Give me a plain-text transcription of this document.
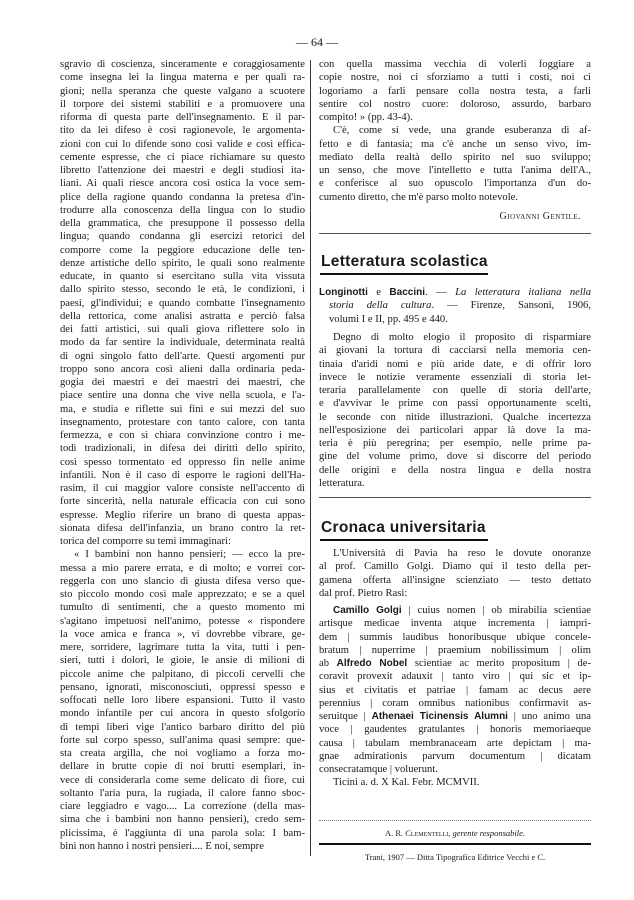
— 64 —
sgravio di coscienza, sinceramente e coraggiosamente
come insegna lei la lingua materna e per quali ra-
gioni; nella speranza che queste valgano a scuotere
il torpore dei sistemi stabiliti e a promuovere una
riforma di questa parte dell'insegnamento. E il par-
tito da lei difeso è così ragionevole, le argomenta-
zioni con cui lo difende sono così valide e così effica-
cemente espresse, che ci piace richiamare su questo
libretto l'attenzione dei maestri e degli studiosi ita-
liani. Ai quali riesce ancora così ostica la voce sem-
plice della ragione quando condanna la pretesa d'in-
trodurre alla conoscenza della lingua con lo studio
della grammatica, che presuppone il possesso della
lingua; quando condanna gli esercizi retorici del
comporre come la peggiore educazione delle ten-
denze artistiche dello spirito, le quali sono realmente
educate, in quanto si esercitano sulla vita vissuta
dallo spirito stesso, secondo le età, le condizioni, i
paesi, gl'individui; e quando combatte l'insegnamento
della rettorica, come analisi astratta e perciò falsa
dei fatti artistici, sui quali giova riflettere solo in
modo da far sentire la individuale, determinata realtà
di ogni singolo fatto dell'arte. Questi argomenti pur
troppo sono ancora così alieni dalla ordinaria peda-
gogia dei maestri e dei maestri dei maestri, che
piace sentire una donna che vive nella scuola, e l'a-
ma, e studia e riflette sui fini e sui mezzi del suo
insegnamento, protestare con tanto calore, con tanta
fermezza, e con sì chiara convinzione contro i me-
todi tradizionali, in difesa dei diritti dello spirito,
così spesso tormentato ed oppresso fin nelle anime
infantili. Non è il caso di esporre le ragioni dell'Ha-
rasim, il cui maggior valore consiste nell'accento di
forte sincerità, nella naturale efficacia con cui sono
espresse. Meglio riferire un brano di questa appas-
sionata difesa dell'infanzia, un brano contro la ret-
torica del comporre su temi immaginari:
« I bambini non hanno pensieri; — ecco la pre-
messa a mio parere errata, e di molto; e vorrei cor-
reggerla con uno slancio di giusta difesa verso que-
sto piccolo mondo così male apprezzato; e se a quel
tumulto di sentimenti, che a questo momento mi
s'agitano impetuosi nell'animo, potesse « rispondere
la voce amica e franca », vi dovrebbe vibrare, ge-
mere, sorridere, lagrimare tutta la vita, tutti i pen-
sieri, tutti i dolori, le gioie, le ansie di milioni di
piccole anime che palpitano, di piccoli cervelli che
pensano, ignorati, misconosciuti, oppressi spesso e
soffocati nelle loro libere espansioni. Tutto il vasto
mondo infantile per cui ancora in questo sfolgorio
di tempi liberi vige l'antico barbaro diritto del più
forte sul corpo spesso, sull'anima quasi sempre: que-
sta creata argilla, che noi vogliamo a forza mo-
dellare in brutte copie di noi brutti esemplari, in-
vece di considerarla come seme delicato di fiore, cui
soltanto l'aria pura, la rugiada, il calore fanno sboc-
ciare leggiadro e vago.... La correzione (della mas-
sima che i bambini non hanno pensieri), credo sem-
plicissima, è l'aggiunta di una parola sola: I bam-
bini non hanno i nostri pensieri.... E noi, sempre
con quella massima vecchia di volerli foggiare a
copie nostre, noi ci sforziamo a tutti i costi, noi ci
logoriamo a farli pensare colla nostra testa, a farli
sentire col nostro cuore: doloroso, assurdo, barbaro
compito! » (pp. 43-4).
C'è, come si vede, una grande esuberanza di af-
fetto e di fantasia; ma c'è anche un senso vivo, im-
mediato della realtà dello spirito nel suo sviluppo;
un senso, che move l'intelletto e tutta l'anima dell'A.,
e conferisce al suo opuscolo l'importanza d'un do-
cumento diretto, che m'è parso molto notevole.
Giovanni Gentile.
Letteratura scolastica
Longinotti e Baccini. — La letteratura italiana nella
storia della cultura. — Firenze, Sansoni, 1906,
volumi I e II, pp. 495 e 440.
Degno di molto elogio il proposito di risparmiare
ai giovani la tortura di cacciarsi nella memoria cen-
tinaia d'aridi nomi e più aride date, e di offrir loro
invece le notizie veramente essenziali di storia let-
teraria parallelamente con quelle di storia dell'arte,
e d'avvivar le prime con passi opportunamente scelti,
le seconde con nitide illustrazioni. Qualche incertezza
nell'esposizione dei particolari appar là dove la ma-
teria è più peregrina; per esempio, nelle prime pa-
gine del volume primo, dove si discorre del periodo
delle origini e della nostra lingua e della nostra
letteratura.
Cronaca universitaria
L'Università di Pavia ha reso le dovute onoranze
al prof. Camillo Golgi. Diamo qui il testo della per-
gamena offerta all'insigne scienziato — testo dettato
dal prof. Pietro Rasi:
Camillo Golgi | cuius nomen | ob mirabilia scientiae
artisque medicae inventa atque incrementa | iampri-
dem | summis laudibus honoribusque ubique concele-
bratum | nuperrime | praemium nobilissimum | olim
ab Alfredo Nobel scientiae ac merito propositum | de-
coravit provexit adauxit | tanto viro | qui sic et ip-
sius et civitatis et patriae | famam ac decus aere
perennius | coram omnibus nationibus confirmavit as-
seruitque | Athenaei Ticinensis Alumni | uno animo una
voce | gaudentes gratulantes | honoris memoriaeque
causa | tabulam membranaceam arte depictam | ma-
gnae admirationis parvum documentum | dicatam
consecratamque | voluerunt.
Ticini a. d. X Kal. Febr. MCMVII.
A. R. Clementelli, gerente responsabile.
Trani, 1907 — Ditta Tipografica Editrice Vecchi e C.
